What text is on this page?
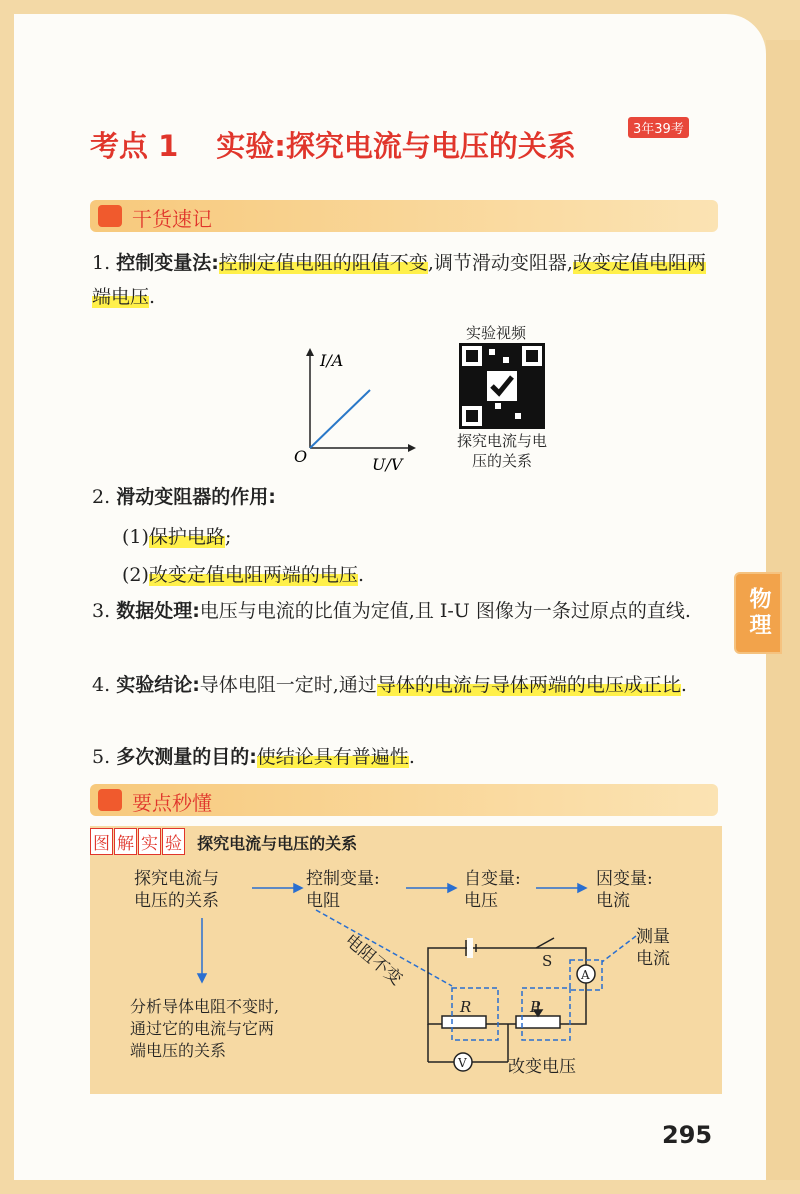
物理
考点 1 实验:探究电流与电压的关系	3年39考
干货速记
1. 控制变量法:控制定值电阻的阻值不变,调节滑动变阻器,改变定值电阻两端电压.
I/A
O	U/V
实验视频
探究电流与电压的关系
2. 滑动变阻器的作用:
(1)保护电路;
(2)改变定值电阻两端的电压.
3. 数据处理:电压与电流的比值为定值,且 I-U 图像为一条过原点的直线.
4. 实验结论:导体电阻一定时,通过导体的电流与导体两端的电压成正比.
5. 多次测量的目的:使结论具有普遍性.
要点秒懂
图 解 实 验 探究电流与电压的关系
探究电流与
电压的关系
控制变量:
电阻
自变量:
电压
因变量:
电流
分析导体电阻不变时,
通过它的电流与它两
端电压的关系
测量
电流
改变电压
S
R	P
A
V
电阻不变
295
